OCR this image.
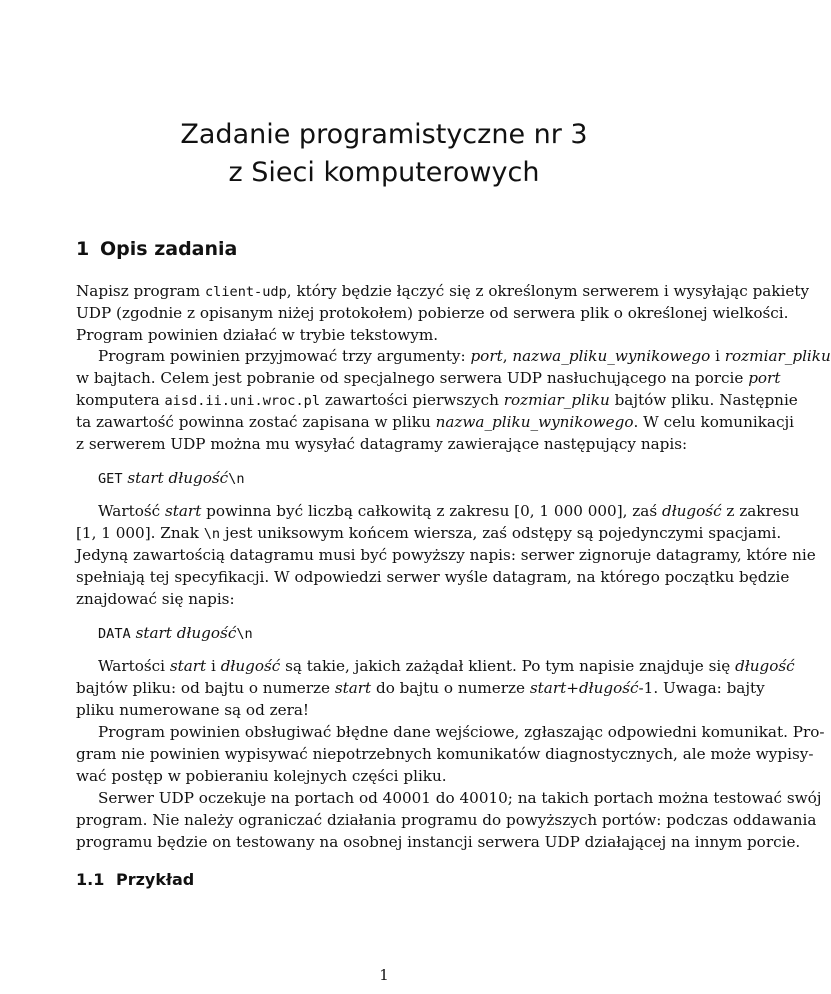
Zadanie programistyczne nr 3
z Sieci komputerowych
1 Opis zadania
Napisz program client-udp, który będzie łączyć się z określonym serwerem i wysyłając pakiety
UDP (zgodnie z opisanym niżej protokołem) pobierze od serwera plik o określonej wielkości.
Program powinien działać w trybie tekstowym.
Program powinien przyjmować trzy argumenty: port, nazwa_pliku_wynikowego i rozmiar_pliku
w bajtach. Celem jest pobranie od specjalnego serwera UDP nasłuchującego na porcie port
komputera aisd.ii.uni.wroc.pl zawartości pierwszych rozmiar_pliku bajtów pliku. Następnie
ta zawartość powinna zostać zapisana w pliku nazwa_pliku_wynikowego. W celu komunikacji
z serwerem UDP można mu wysyłać datagramy zawierające następujący napis:
GET start długość\n
Wartość start powinna być liczbą całkowitą z zakresu [0, 1 000 000], zaś długość z zakresu
[1, 1 000]. Znak \n jest uniksowym końcem wiersza, zaś odstępy są pojedynczymi spacjami.
Jedyną zawartością datagramu musi być powyższy napis: serwer zignoruje datagramy, które nie
spełniają tej specyfikacji. W odpowiedzi serwer wyśle datagram, na którego początku będzie
znajdować się napis:
DATA start długość\n
Wartości start i długość są takie, jakich zażądał klient. Po tym napisie znajduje się długość
bajtów pliku: od bajtu o numerze start do bajtu o numerze start+długość-1. Uwaga: bajty
pliku numerowane są od zera!
Program powinien obsługiwać błędne dane wejściowe, zgłaszając odpowiedni komunikat. Pro-
gram nie powinien wypisywać niepotrzebnych komunikatów diagnostycznych, ale może wypisy-
wać postęp w pobieraniu kolejnych części pliku.
Serwer UDP oczekuje na portach od 40001 do 40010; na takich portach można testować swój
program. Nie należy ograniczać działania programu do powyższych portów: podczas oddawania
programu będzie on testowany na osobnej instancji serwera UDP działającej na innym porcie.
1.1 Przykład
1
